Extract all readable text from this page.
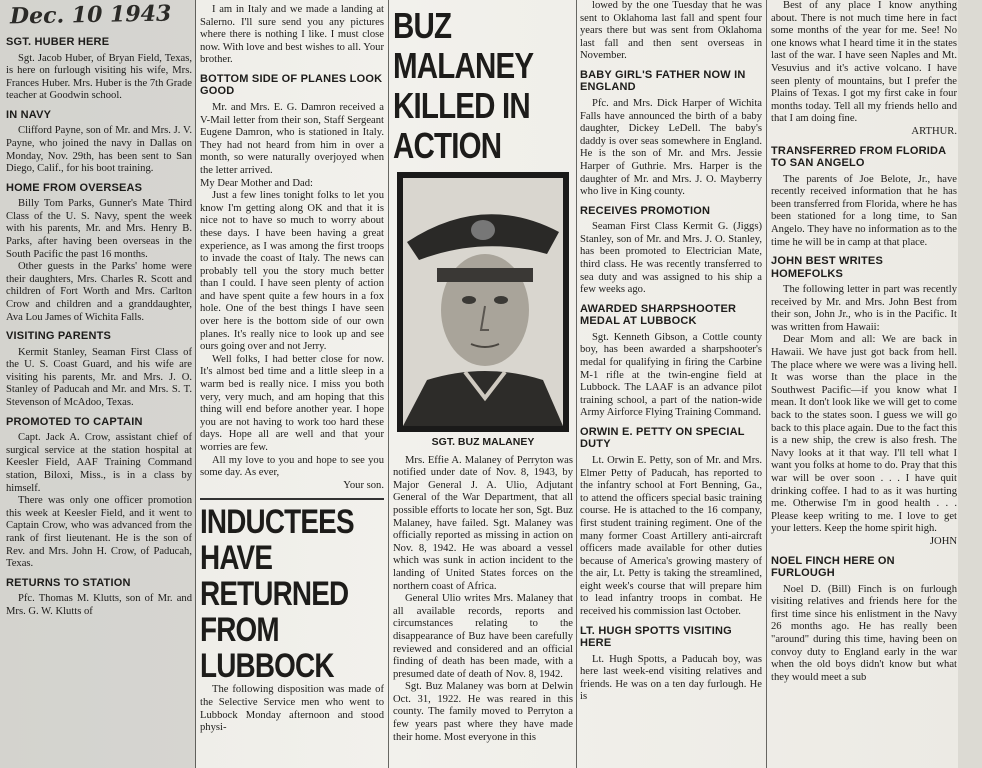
SGT. HUBER HERE

Sgt. Jacob Huber, of Bryan Field, Texas, is here on furlough visiting his wife, Mrs. Frances Huber. Mrs. Huber is the 7th Grade teacher at Goodwin school.

IN NAVY

Clifford Payne, son of Mr. and Mrs. J. V. Payne, who joined the navy in Dallas on Monday, Nov. 29th, has been sent to San Diego, Calif., for his boot training.

HOME FROM OVERSEAS

Billy Tom Parks, Gunner's Mate Third Class of the U. S. Navy, spent the week with his parents, Mr. and Mrs. Henry B. Parks, after having been overseas in the South Pacific the past 16 months.

Other guests in the Parks' home were their daughters, Mrs. Charles R. Scott and children of Fort Worth and Mrs. Carlton Crow and children and a granddaughter, Ava Lou James of Wichita Falls.

VISITING PARENTS

Kermit Stanley, Seaman First Class of the U. S. Coast Guard, and his wife are visiting his parents, Mr. and Mrs. J. O. Stanley of Paducah and Mr. and Mrs. S. T. Stevenson of McAdoo, Texas.

PROMOTED TO CAPTAIN

Capt. Jack A. Crow, assistant chief of surgical service at the station hospital at Keesler Field, AAF Training Command station, Biloxi, Miss., is in a class by himself.

There was only one officer promotion this week at Keesler Field, and it went to Captain Crow, who was advanced from the rank of first lieutenant. He is the son of Rev. and Mrs. John H. Crow, of Paducah, Texas.

RETURNS TO STATION

Pfc. Thomas M. Klutts, son of Mr. and Mrs. G. W. Klutts of

Dec. 10 1943	I am in Italy and we made a landing at Salerno. I'll sure send you any pictures where there is nothing I like. I must close now. With love and best wishes to all. Your brother.

BOTTOM SIDE OF PLANES LOOK GOOD

Mr. and Mrs. E. G. Damron received a V-Mail letter from their son, Staff Sergeant Eugene Damron, who is stationed in Italy. They had not heard from him in over a month, so were naturally overjoyed when the letter arrived.

My Dear Mother and Dad:

Just a few lines tonight folks to let you know I'm getting along OK and that it is nice not to have so much to worry about these days. I have been having a great experience, as I was among the first troops to invade the coast of Italy. The news can probably tell you the story much better than I could. I have seen plenty of action and have spent quite a few hours in a fox hole. One of the best things I have seen over here is the bottom side of our own planes. It's really nice to look up and see ours going over and not Jerry.

Well folks, I had better close for now. It's almost bed time and a little sleep in a warm bed is really nice. I miss you both very, very much, and am hoping that this thing will end before another year. I hope you are not having to work too hard these days. Hope all are well and that your worries are few.

All my love to you and hope to see you some day. As ever,

Your son.

INDUCTEES HAVE RETURNED FROM LUBBOCK

The following disposition was made of the Selective Service men who went to Lubbock Monday afternoon and stood physi-

BUZ MALANEY KILLED IN ACTION
SGT. BUZ MALANEY

Mrs. Effie A. Malaney of Perryton was notified under date of Nov. 8, 1943, by Major General J. A. Ulio, Adjutant General of the War Department, that all possible efforts to locate her son, Sgt. Buz Malaney, have failed. Sgt. Malaney was officially reported as missing in action on Nov. 8, 1942. He was aboard a vessel which was sunk in action incident to the landing of United States forces on the northern coast of Africa.

General Ulio writes Mrs. Malaney that all available records, reports and circumstances relating to the disappearance of Buz have been carefully reviewed and considered and an official finding of death has been made, with a presumed date of death of Nov. 8, 1942.

Sgt. Buz Malaney was born at Delwin Oct. 31, 1922. He was reared in this county. The family moved to Perryton a few years past where they have made their home. Most everyone in this

lowed by the one Tuesday that he was sent to Oklahoma last fall and spent four years there but was sent from Oklahoma last fall and then sent overseas in November.

BABY GIRL'S FATHER NOW IN ENGLAND

Pfc. and Mrs. Dick Harper of Wichita Falls have announced the birth of a baby daughter, Dickey LeDell. The baby's daddy is over seas somewhere in England. He is the son of Mr. and Mrs. Jessie Harper of Guthrie. Mrs. Harper is the daughter of Mr. and Mrs. J. O. Mayberry who live in King county.

RECEIVES PROMOTION

Seaman First Class Kermit G. (Jiggs) Stanley, son of Mr. and Mrs. J. O. Stanley, has been promoted to Electrician Mate, third class. He was recently transferred to sea duty and was assigned to his ship a few weeks ago.

AWARDED SHARPSHOOTER MEDAL AT LUBBOCK

Sgt. Kenneth Gibson, a Cottle county boy, has been awarded a sharpshooter's medal for qualifying in firing the Carbine M-1 rifle at the twin-engine field at Lubbock. The LAAF is an advance pilot training school, a part of the nation-wide Army Airforce Flying Training Command.

ORWIN E. PETTY ON SPECIAL DUTY

Lt. Orwin E. Petty, son of Mr. and Mrs. Elmer Petty of Paducah, has reported to the infantry school at Fort Benning, Ga., to attend the officers special basic training course. He is attached to the 16 company, first student training regiment. One of the many former Coast Artillery anti-aircraft officers made available for other duties because of America's growing mastery of the air, Lt. Petty is taking the streamlined, eight week's course that will prepare him to lead infantry troops in combat. He received his commission last October.

LT. HUGH SPOTTS VISITING HERE

Lt. Hugh Spotts, a Paducah boy, was here last week-end visiting relatives and friends. He was on a ten day furlough. He is

Best of any place I know anything about. There is not much time here in fact some months of the year for me. See! No one knows what I heard time it in the states last of the war. I have seen Naples and Mt. Vesuvius and it's active volcano. I have seen plenty of mountains, but I prefer the Plains of Texas. I got my first cake in four months today. Tell all my friends hello and that I am doing fine.

ARTHUR.

TRANSFERRED FROM FLORIDA TO SAN ANGELO

The parents of Joe Belote, Jr., have recently received information that he has been transferred from Florida, where he has been stationed for a long time, to San Angelo. They have no information as to the time he will be in camp at that place.

JOHN BEST WRITES HOMEFOLKS

The following letter in part was recently received by Mr. and Mrs. John Best from their son, John Jr., who is in the Pacific. It was written from Hawaii:

Dear Mom and all: We are back in Hawaii. We have just got back from hell. The place where we were was a living hell. It was worse than the place in the Southwest Pacific—if you know what I mean. It don't look like we will get to come back to the states soon. I guess we will go back to this place again. Due to the fact this is a new ship, the crew is also fresh. The Navy looks at it that way. I'll tell what I want you folks at home to do. Pray that this war will be over soon . . . I have quit drinking coffee. I had to as it was hurting me. Otherwise I'm in good health . . . Please keep writing to me. I love to get your letters. Keep the home spirit high.

JOHN

NOEL FINCH HERE ON FURLOUGH

Noel D. (Bill) Finch is on furlough visiting relatives and friends here for the first time since his enlistment in the Navy 26 months ago. He has really been "around" during this time, having been on convoy duty to England early in the war when the old boys didn't know but what they would meet a sub
